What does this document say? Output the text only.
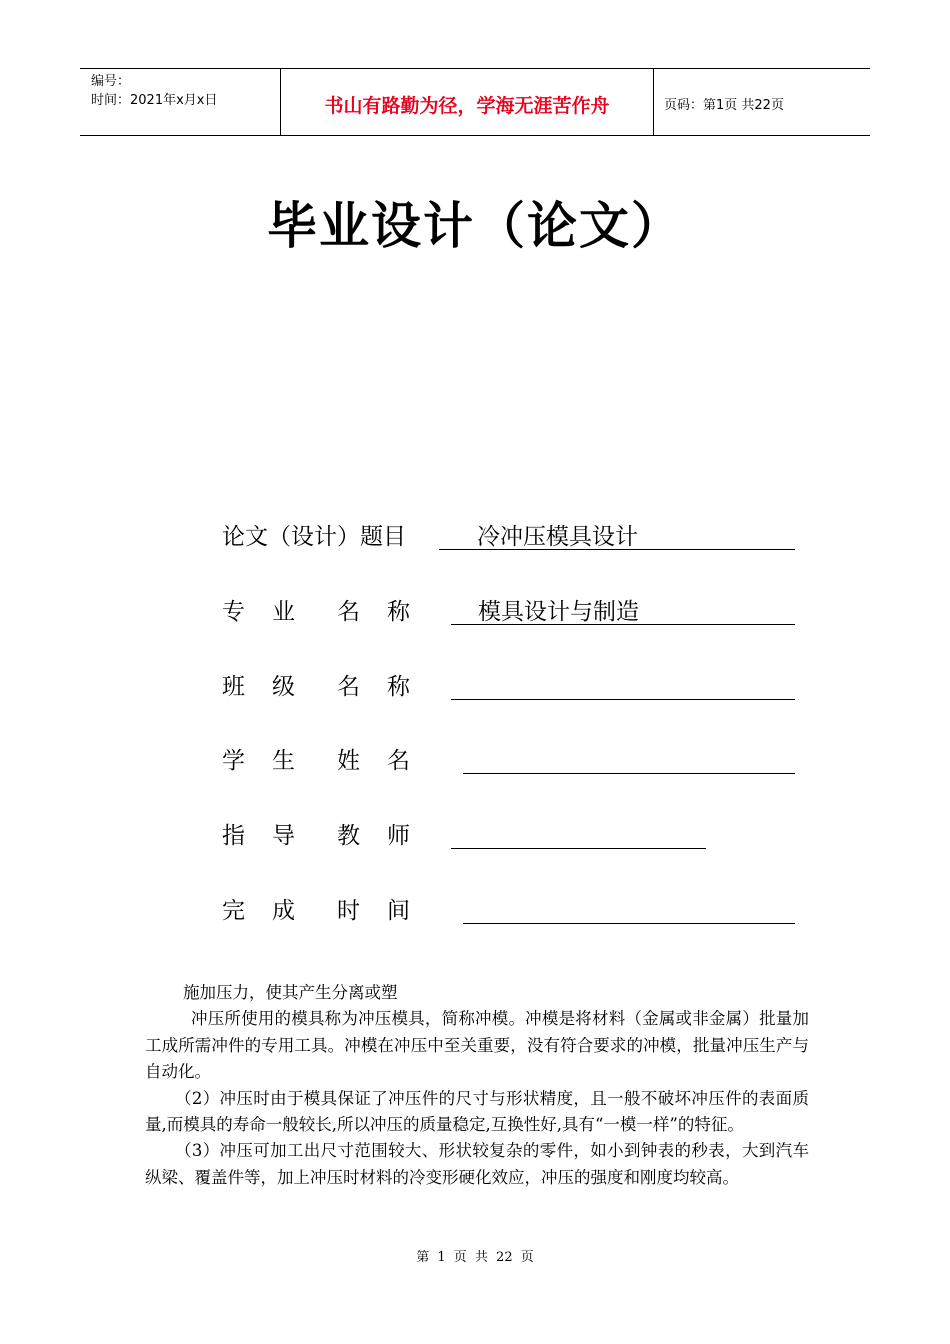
编号：
时间：2021年x月x日	书山有路勤为径，学海无涯苦作舟	页码：第1页 共22页
毕业设计（论文）
论文（设计）题目	冷冲压模具设计
专 业 名 称	模具设计与制造
班 级 名 称
学 生 姓 名
指 导 教 师
完 成 时 间

施加压力，使其产生分离或塑

冲压所使用的模具称为冲压模具，简称冲模。冲模是将材料（金属或非金属）批量加工成所需冲件的专用工具。冲模在冲压中至关重要，没有符合要求的冲模，批量冲压生产与自动化。

（2）冲压时由于模具保证了冲压件的尺寸与形状精度，且一般不破坏冲压件的表面质量,而模具的寿命一般较长,所以冲压的质量稳定,互换性好,具有“一模一样”的特征。

（3）冲压可加工出尺寸范围较大、形状较复杂的零件，如小到钟表的秒表，大到汽车纵梁、覆盖件等，加上冲压时材料的冷变形硬化效应，冲压的强度和刚度均较高。

第 1 页 共 22 页
